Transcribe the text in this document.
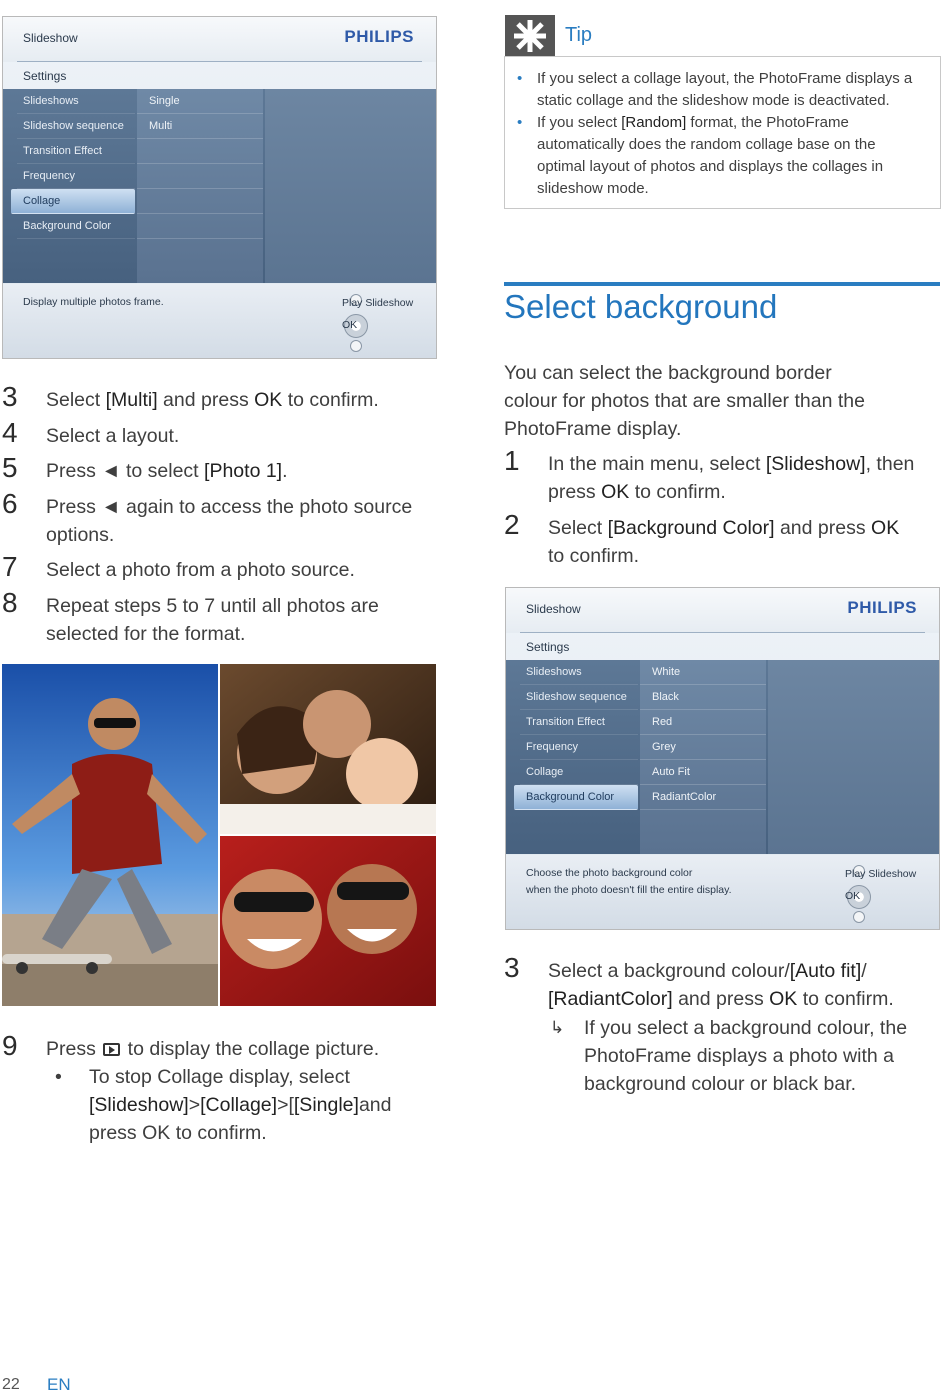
Slideshow	PHILIPS
Settings
Slideshows
Slideshow sequence
Transition Effect
Frequency
Collage
Background Color
Single
Multi
Display multiple photos frame.	Play Slideshow
OK
3 Select [Multi] and press OK to confirm.
4 Select a layout.
5 Press ◄ to select [Photo 1].
6 Press ◄ again to access the photo source
options.
7 Select a photo from a photo source.
8 Repeat steps 5 to 7 until all photos are
selected for the format.
9 Press
to display the collage picture.
• To stop Collage display, select
[Slideshow]>[Collage]>[[Single]and
press OK to confirm.
Tip
• If you select a collage layout, the PhotoFrame displays a
static collage and the slideshow mode is deactivated.
• If you select [Random] format, the PhotoFrame
automatically does the random collage base on the
optimal layout of photos and displays the collages in
slideshow mode.
Select background
You can select the background border
colour for photos that are smaller than the
PhotoFrame display.
1 In the main menu, select [Slideshow], then
press OK to confirm.
2 Select [Background Color] and press OK
to confirm.
Slideshow	PHILIPS
Settings
Slideshows
Slideshow sequence
Transition Effect
Frequency
Collage
Background Color
White
Black
Red
Grey
Auto Fit
RadiantColor
Choose the photo background color
when the photo doesn't fill the entire display.
Play Slideshow
OK
3 Select a background colour/[Auto fit]/
[RadiantColor] and press OK to confirm.
↳ If you select a background colour, the
PhotoFrame displays a photo with a
background colour or black bar.
22 EN
